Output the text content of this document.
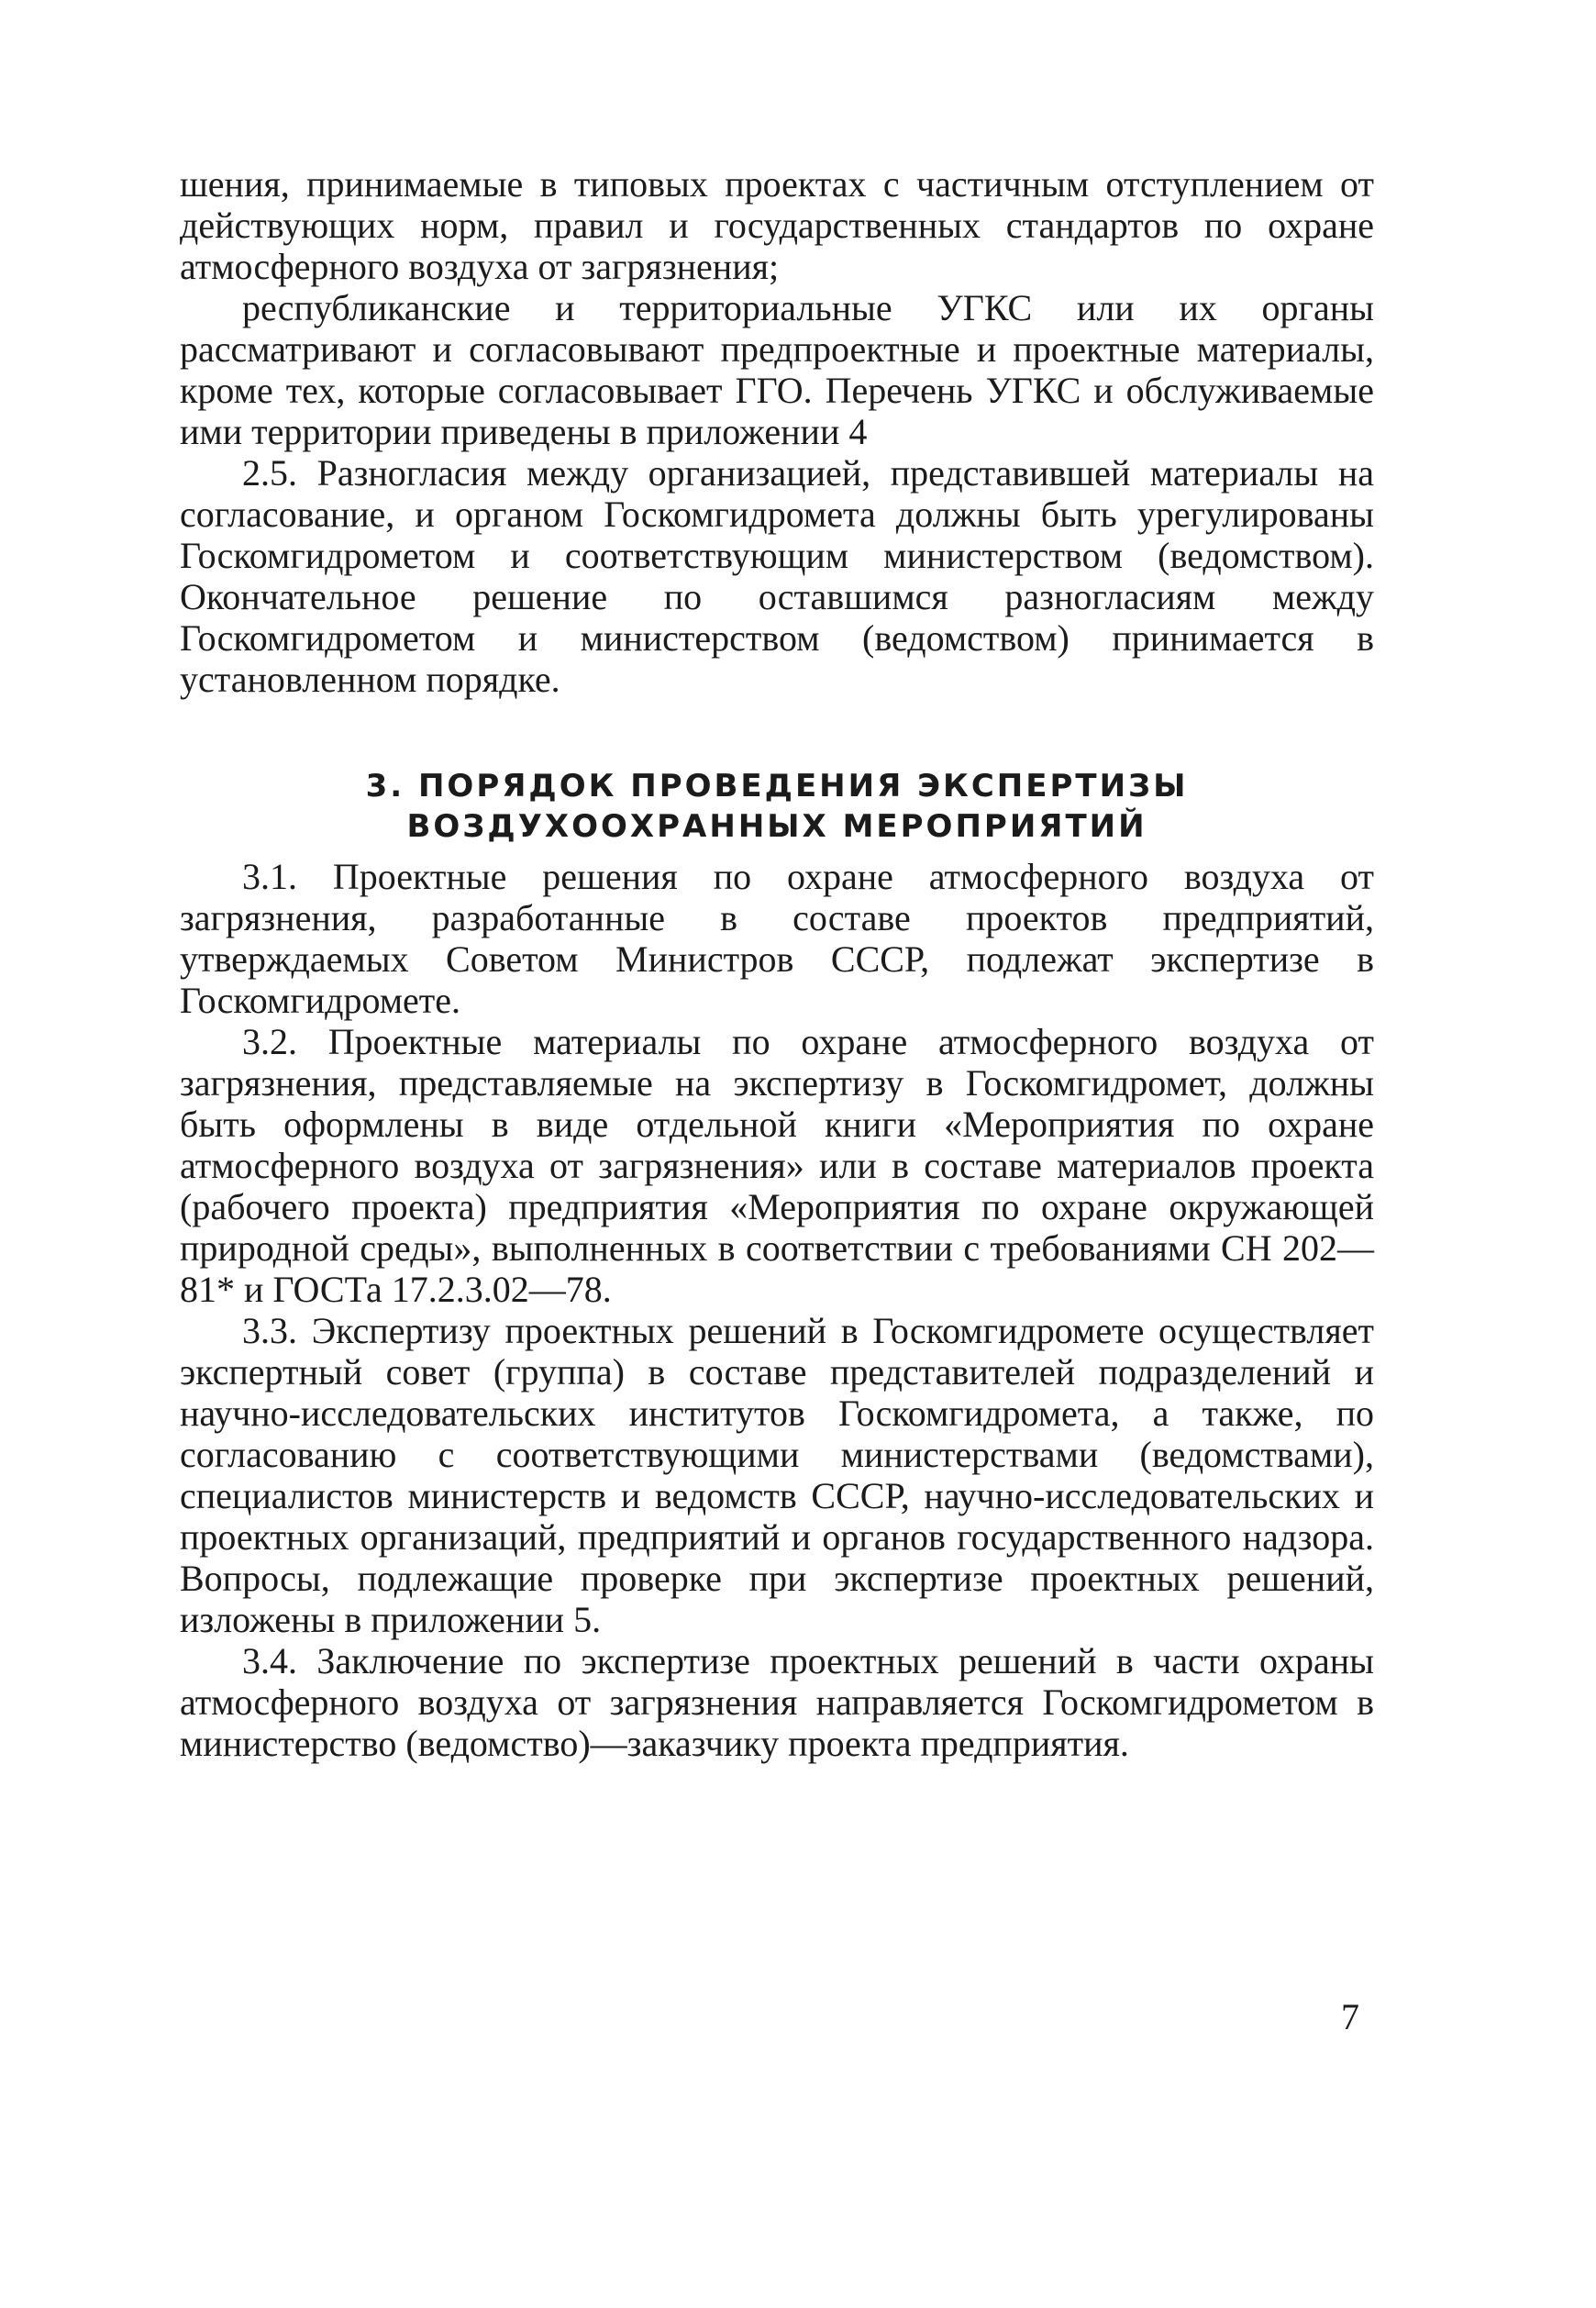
шения, принимаемые в типовых проектах с частичным отступлением от действующих норм, правил и государственных стандартов по охране атмосферного воздуха от загрязнения;

республиканские и территориальные УГКС или их органы рассматривают и согласовывают предпроектные и проектные материалы, кроме тех, которые согласовывает ГГО. Перечень УГКС и обслуживаемые ими территории приведены в приложении 4

2.5. Разногласия между организацией, представившей материалы на согласование, и органом Госкомгидромета должны быть урегулированы Госкомгидрометом и соответствующим министерством (ведомством). Окончательное решение по оставшимся разногласиям между Госкомгидрометом и министерством (ведомством) принимается в установленном порядке.

3. ПОРЯДОК ПРОВЕДЕНИЯ ЭКСПЕРТИЗЫ
ВОЗДУХООХРАННЫХ МЕРОПРИЯТИЙ

3.1. Проектные решения по охране атмосферного воздуха от загрязнения, разработанные в составе проектов предприятий, утверждаемых Советом Министров СССР, подлежат экспертизе в Госкомгидромете.

3.2. Проектные материалы по охране атмосферного воздуха от загрязнения, представляемые на экспертизу в Госкомгидромет, должны быть оформлены в виде отдельной книги «Мероприятия по охране атмосферного воздуха от загрязнения» или в составе материалов проекта (рабочего проекта) предприятия «Мероприятия по охране окружающей природной среды», выполненных в соответствии с требованиями СН 202—81* и ГОСТа 17.2.3.02—78.

3.3. Экспертизу проектных решений в Госкомгидромете осуществляет экспертный совет (группа) в составе представителей подразделений и научно-исследовательских институтов Госкомгидромета, а также, по согласованию с соответствующими министерствами (ведомствами), специалистов министерств и ведомств СССР, научно-исследовательских и проектных организаций, предприятий и органов государственного надзора. Вопросы, подлежащие проверке при экспертизе проектных решений, изложены в приложении 5.

3.4. Заключение по экспертизе проектных решений в части охраны атмосферного воздуха от загрязнения направляется Госкомгидрометом в министерство (ведомство)—заказчику проекта предприятия.

7
